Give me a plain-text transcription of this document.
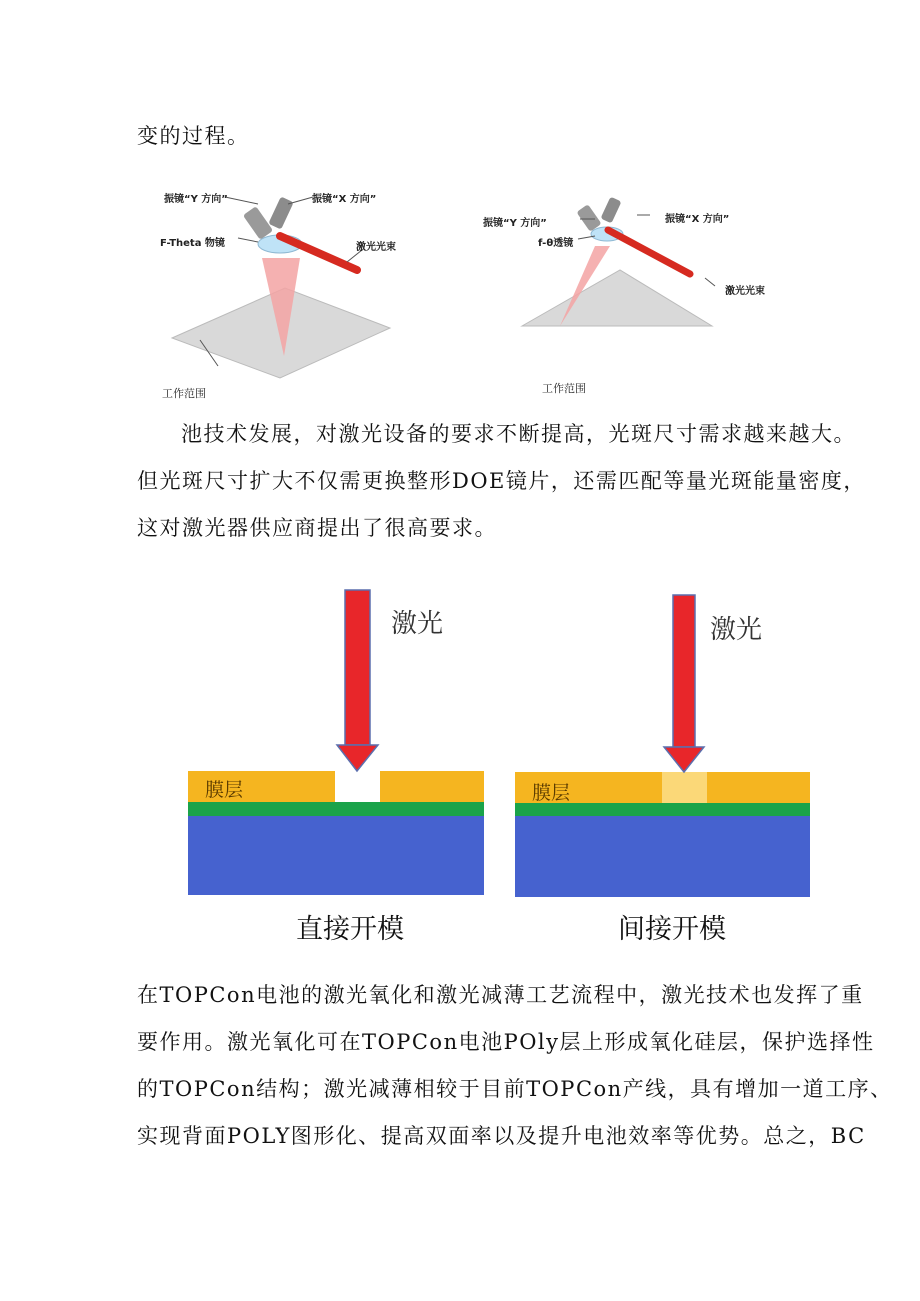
变的过程。
振镜“Y 方向”	振镜“X 方向”
F-Theta 物镜	激光光束
工作范围
振镜“Y 方向”	振镜“X 方向”
f-θ透镜
激光光束
工作范围
池技术发展，对激光设备的要求不断提高，光斑尺寸需求越来越大。
但光斑尺寸扩大不仅需更换整形DOE镜片，还需匹配等量光斑能量密度，
这对激光器供应商提出了很高要求。
激光
膜层
直接开模
激光
膜层
间接开模
在TOPCon电池的激光氧化和激光减薄工艺流程中，激光技术也发挥了重
要作用。激光氧化可在TOPCon电池POly层上形成氧化硅层，保护选择性
的TOPCon结构；激光减薄相较于目前TOPCon产线，具有增加一道工序、
实现背面POLY图形化、提高双面率以及提升电池效率等优势。总之，BC
